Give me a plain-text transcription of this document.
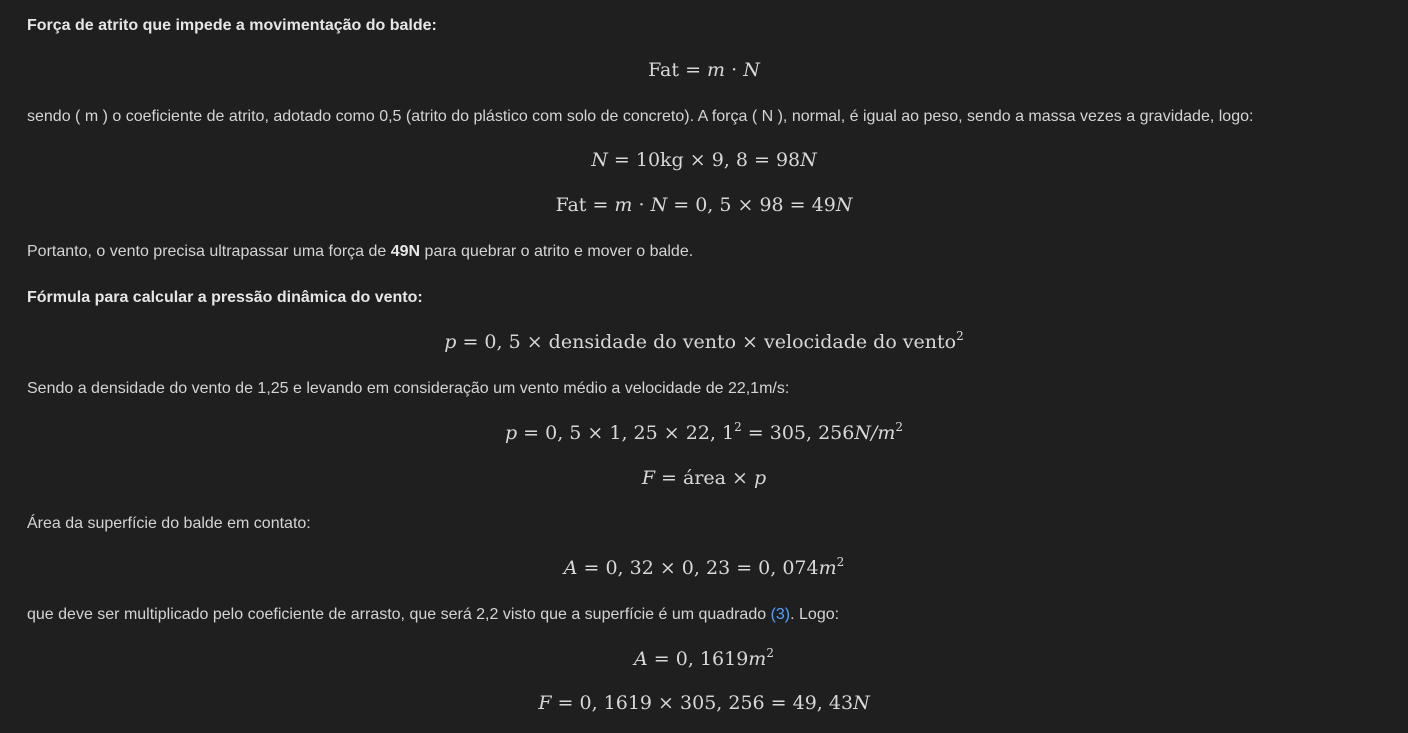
Força de atrito que impede a movimentação do balde:
Fat = m · N
sendo ( m ) o coeficiente de atrito, adotado como 0,5 (atrito do plástico com solo de concreto). A força ( N ), normal, é igual ao peso, sendo a massa vezes a gravidade, logo:
N = 10kg × 9, 8 = 98N
Fat = m · N = 0, 5 × 98 = 49N
Portanto, o vento precisa ultrapassar uma força de 49N para quebrar o atrito e mover o balde.
Fórmula para calcular a pressão dinâmica do vento:
p = 0, 5 × densidade do vento × velocidade do vento$^2$
Sendo a densidade do vento de 1,25 e levando em consideração um vento médio a velocidade de 22,1m/s:
p = 0, 5 × 1, 25 × 22, $1^2 = 305$, $256N/m^2$
F = área × p
Área da superfície do balde em contato:
A = 0, 32 × 0, 23 = 0, $074m^2$
que deve ser multiplicado pelo coeficiente de arrasto, que será 2,2 visto que a superfície é um quadrado (3). Logo:
A = 0, $1619m^2$
F = 0, 1619 × 305, 256 = 49, 43N
